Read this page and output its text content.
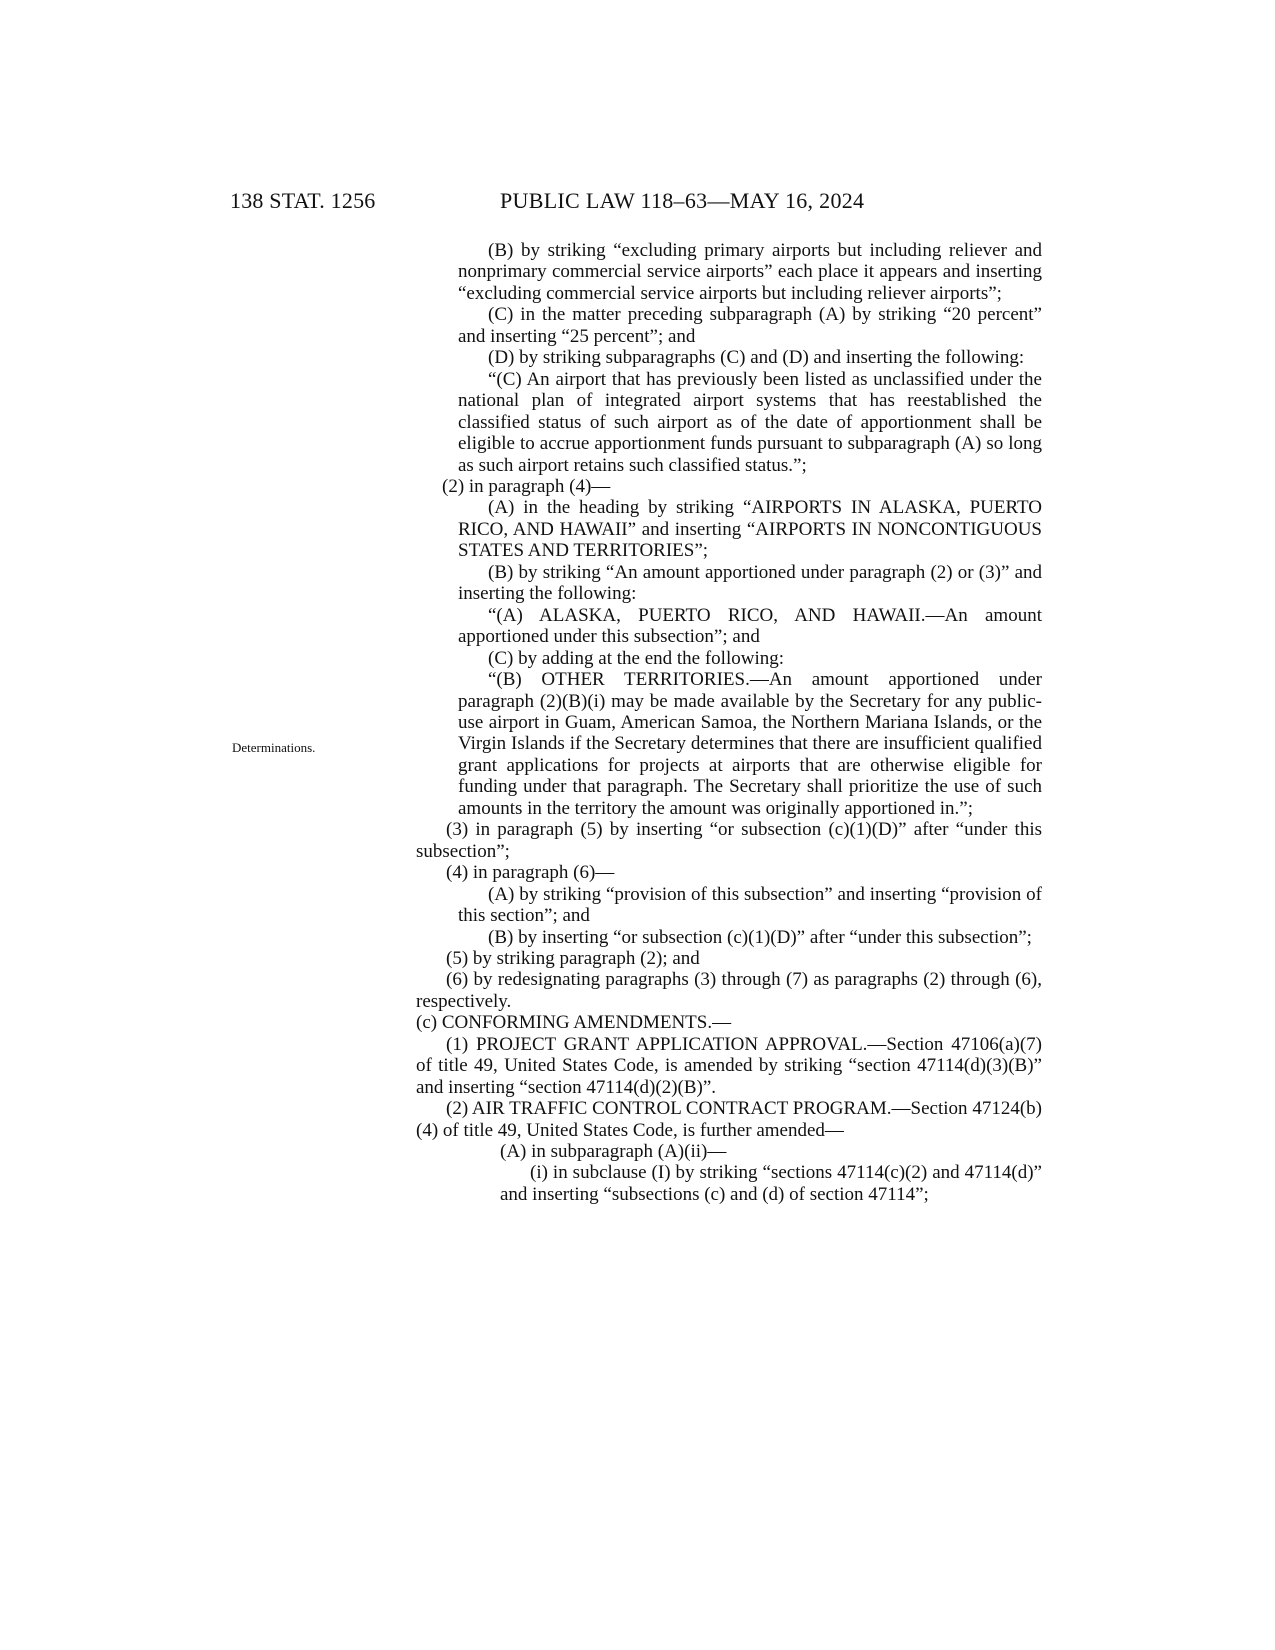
138 STAT. 1256	PUBLIC LAW 118–63—MAY 16, 2024
Determinations.

(B) by striking “excluding primary airports but including reliever and nonprimary commercial service airports” each place it appears and inserting “excluding commercial service airports but including reliever airports”;

(C) in the matter preceding subparagraph (A) by striking “20 percent” and inserting “25 percent”; and

(D) by striking subparagraphs (C) and (D) and inserting the following:

“(C) An airport that has previously been listed as unclassified under the national plan of integrated airport systems that has reestablished the classified status of such airport as of the date of apportionment shall be eligible to accrue apportionment funds pursuant to subparagraph (A) so long as such airport retains such classified status.”;

(2) in paragraph (4)—

(A) in the heading by striking “AIRPORTS IN ALASKA, PUERTO RICO, AND HAWAII” and inserting “AIRPORTS IN NONCONTIGUOUS STATES AND TERRITORIES”;

(B) by striking “An amount apportioned under paragraph (2) or (3)” and inserting the following:

“(A) ALASKA, PUERTO RICO, AND HAWAII.—An amount apportioned under this subsection”; and

(C) by adding at the end the following:

“(B) OTHER TERRITORIES.—An amount apportioned under paragraph (2)(B)(i) may be made available by the Secretary for any public-use airport in Guam, American Samoa, the Northern Mariana Islands, or the Virgin Islands if the Secretary determines that there are insufficient qualified grant applications for projects at airports that are otherwise eligible for funding under that paragraph. The Secretary shall prioritize the use of such amounts in the territory the amount was originally apportioned in.”;

(3) in paragraph (5) by inserting “or subsection (c)(1)(D)” after “under this subsection”;

(4) in paragraph (6)—

(A) by striking “provision of this subsection” and inserting “provision of this section”; and

(B) by inserting “or subsection (c)(1)(D)” after “under this subsection”;

(5) by striking paragraph (2); and

(6) by redesignating paragraphs (3) through (7) as paragraphs (2) through (6), respectively.

(c) CONFORMING AMENDMENTS.—

(1) PROJECT GRANT APPLICATION APPROVAL.—Section 47106(a)(7) of title 49, United States Code, is amended by striking “section 47114(d)(3)(B)” and inserting “section 47114(d)(2)(B)”.

(2) AIR TRAFFIC CONTROL CONTRACT PROGRAM.—Section 47124(b)(4) of title 49, United States Code, is further amended—

(A) in subparagraph (A)(ii)—

(i) in subclause (I) by striking “sections 47114(c)(2) and 47114(d)” and inserting “subsections (c) and (d) of section 47114”;
